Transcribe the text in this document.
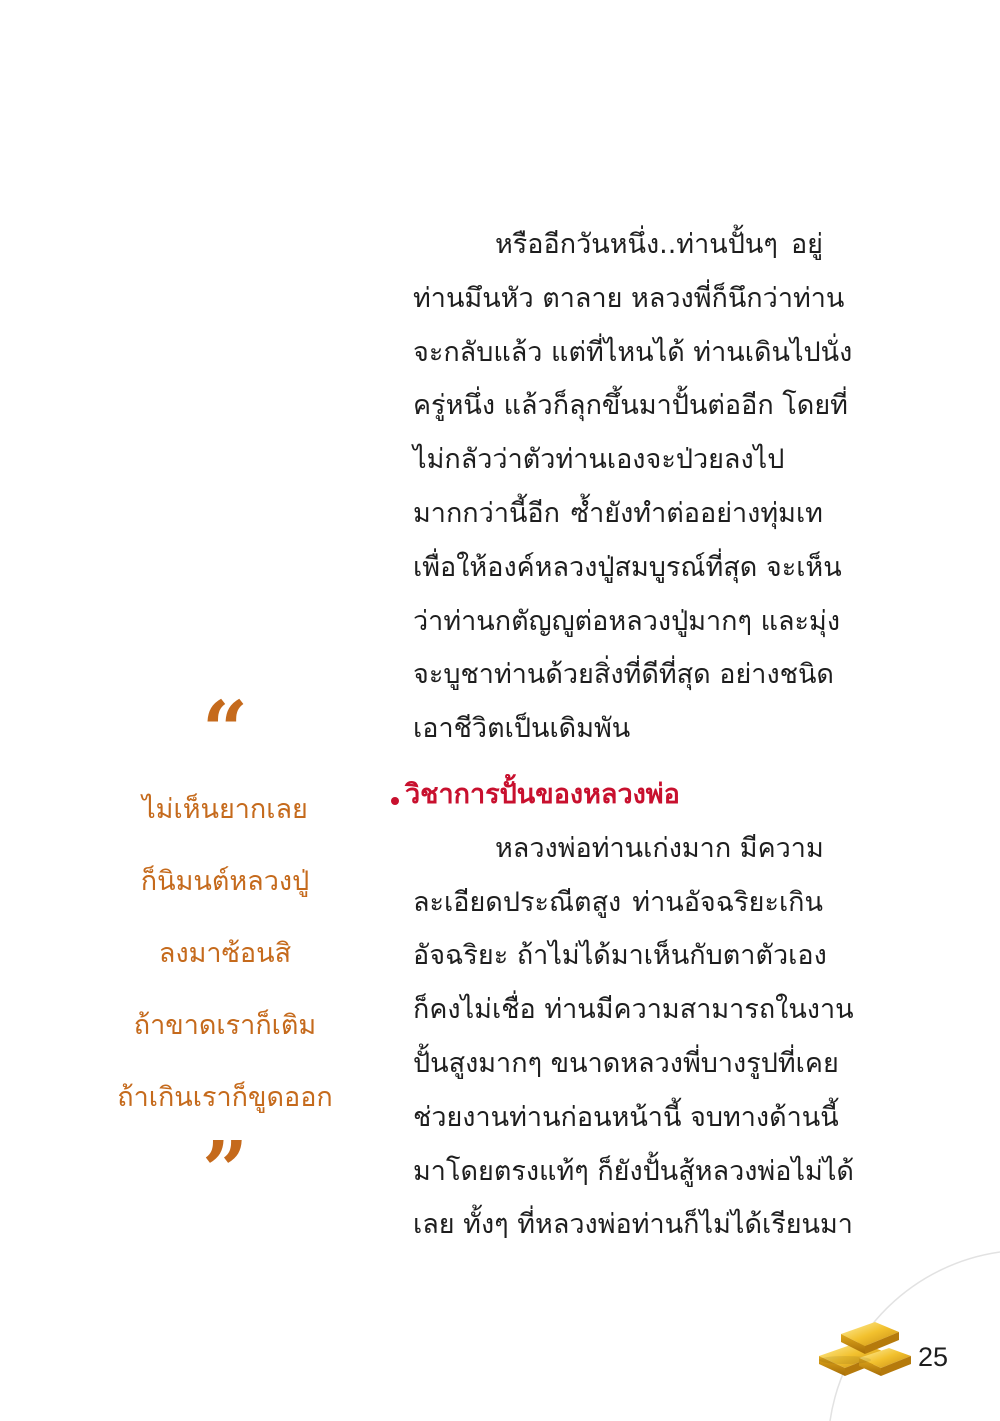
หรืออีกวันหนึ่ง..ท่านปั้นๆ อยู่
ท่านมึนหัว ตาลาย หลวงพี่ก็นึกว่าท่าน
จะกลับแล้ว แต่ที่ไหนได้ ท่านเดินไปนั่ง
ครู่หนึ่ง แล้วก็ลุกขึ้นมาปั้นต่ออีก โดยที่
ไม่กลัวว่าตัวท่านเองจะป่วยลงไป
มากกว่านี้อีก ซ้ำยังทำต่ออย่างทุ่มเท
เพื่อให้องค์หลวงปู่สมบูรณ์ที่สุด จะเห็น
ว่าท่านกตัญญูต่อหลวงปู่มากๆ และมุ่ง
จะบูชาท่านด้วยสิ่งที่ดีที่สุด อย่างชนิด
เอาชีวิตเป็นเดิมพัน

วิชาการปั้นของหลวงพ่อ

หลวงพ่อท่านเก่งมาก มีความ
ละเอียดประณีตสูง ท่านอัจฉริยะเกิน
อัจฉริยะ ถ้าไม่ได้มาเห็นกับตาตัวเอง
ก็คงไม่เชื่อ ท่านมีความสามารถในงาน
ปั้นสูงมากๆ ขนาดหลวงพี่บางรูปที่เคย
ช่วยงานท่านก่อนหน้านี้ จบทางด้านนี้
มาโดยตรงแท้ๆ ก็ยังปั้นสู้หลวงพ่อไม่ได้
เลย ทั้งๆ ที่หลวงพ่อท่านก็ไม่ได้เรียนมา

“
ไม่เห็นยากเลย
ก็นิมนต์หลวงปู่
ลงมาซ้อนสิ
ถ้าขาดเราก็เติม
ถ้าเกินเราก็ขูดออก
”
25
